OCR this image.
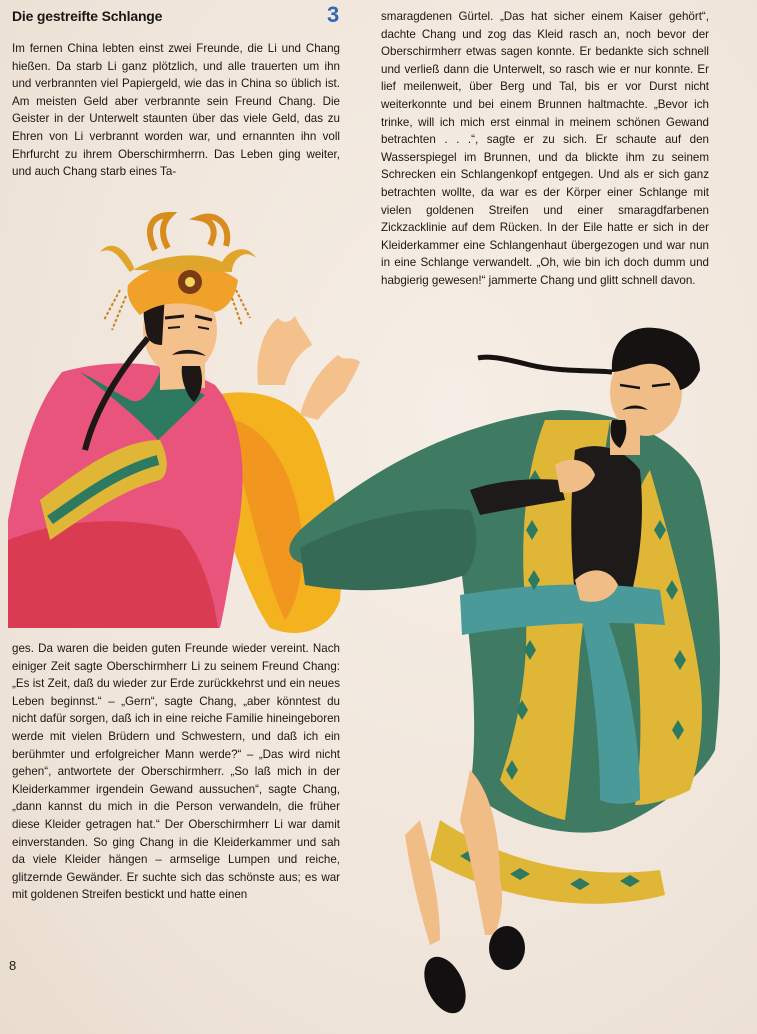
Die gestreifte Schlange	3

Im fernen China lebten einst zwei Freunde, die Li und Chang hießen. Da starb Li ganz plötzlich, und alle trauerten um ihn und verbrannten viel Papiergeld, wie das in China so üblich ist. Am meisten Geld aber verbrannte sein Freund Chang. Die Geister in der Unterwelt staunten über das viele Geld, das zu Ehren von Li verbrannt worden war, und ernannten ihn voll Ehrfurcht zu ihrem Oberschirmherrn. Das Leben ging weiter, und auch Chang starb eines Ta-

smaragdenen Gürtel. „Das hat sicher einem Kaiser gehört“, dachte Chang und zog das Kleid rasch an, noch bevor der Oberschirmherr etwas sagen konnte. Er bedankte sich schnell und verließ dann die Unterwelt, so rasch wie er nur konnte. Er lief meilenweit, über Berg und Tal, bis er vor Durst nicht weiterkonnte und bei einem Brunnen haltmachte. „Bevor ich trinke, will ich mich erst einmal in meinem schönen Gewand betrachten . . .“, sagte er zu sich. Er schaute auf den Wasserspiegel im Brunnen, und da blickte ihm zu seinem Schrecken ein Schlangenkopf entgegen. Und als er sich ganz betrachten wollte, da war es der Körper einer Schlange mit vielen goldenen Streifen und einer smaragdfarbenen Zickzacklinie auf dem Rücken. In der Eile hatte er sich in der Kleiderkammer eine Schlangenhaut übergezogen und war nun in eine Schlange verwandelt. „Oh, wie bin ich doch dumm und habgierig gewesen!“ jammerte Chang und glitt schnell davon.

ges. Da waren die beiden guten Freunde wieder vereint. Nach einiger Zeit sagte Oberschirmherr Li zu seinem Freund Chang: „Es ist Zeit, daß du wieder zur Erde zurückkehrst und ein neues Leben beginnst.“ – „Gern“, sagte Chang, „aber könntest du nicht dafür sorgen, daß ich in eine reiche Familie hineingeboren werde mit vielen Brüdern und Schwestern, und daß ich ein berühmter und erfolgreicher Mann werde?“ – „Das wird nicht gehen“, antwortete der Oberschirmherr. „So laß mich in der Kleiderkammer irgendein Gewand aussuchen“, sagte Chang, „dann kannst du mich in die Person verwandeln, die früher diese Kleider getragen hat.“ Der Oberschirmherr Li war damit einverstanden. So ging Chang in die Kleiderkammer und sah da viele Kleider hängen – armselige Lumpen und reiche, glitzernde Gewänder. Er suchte sich das schönste aus; es war mit goldenen Streifen bestickt und hatte einen

8
